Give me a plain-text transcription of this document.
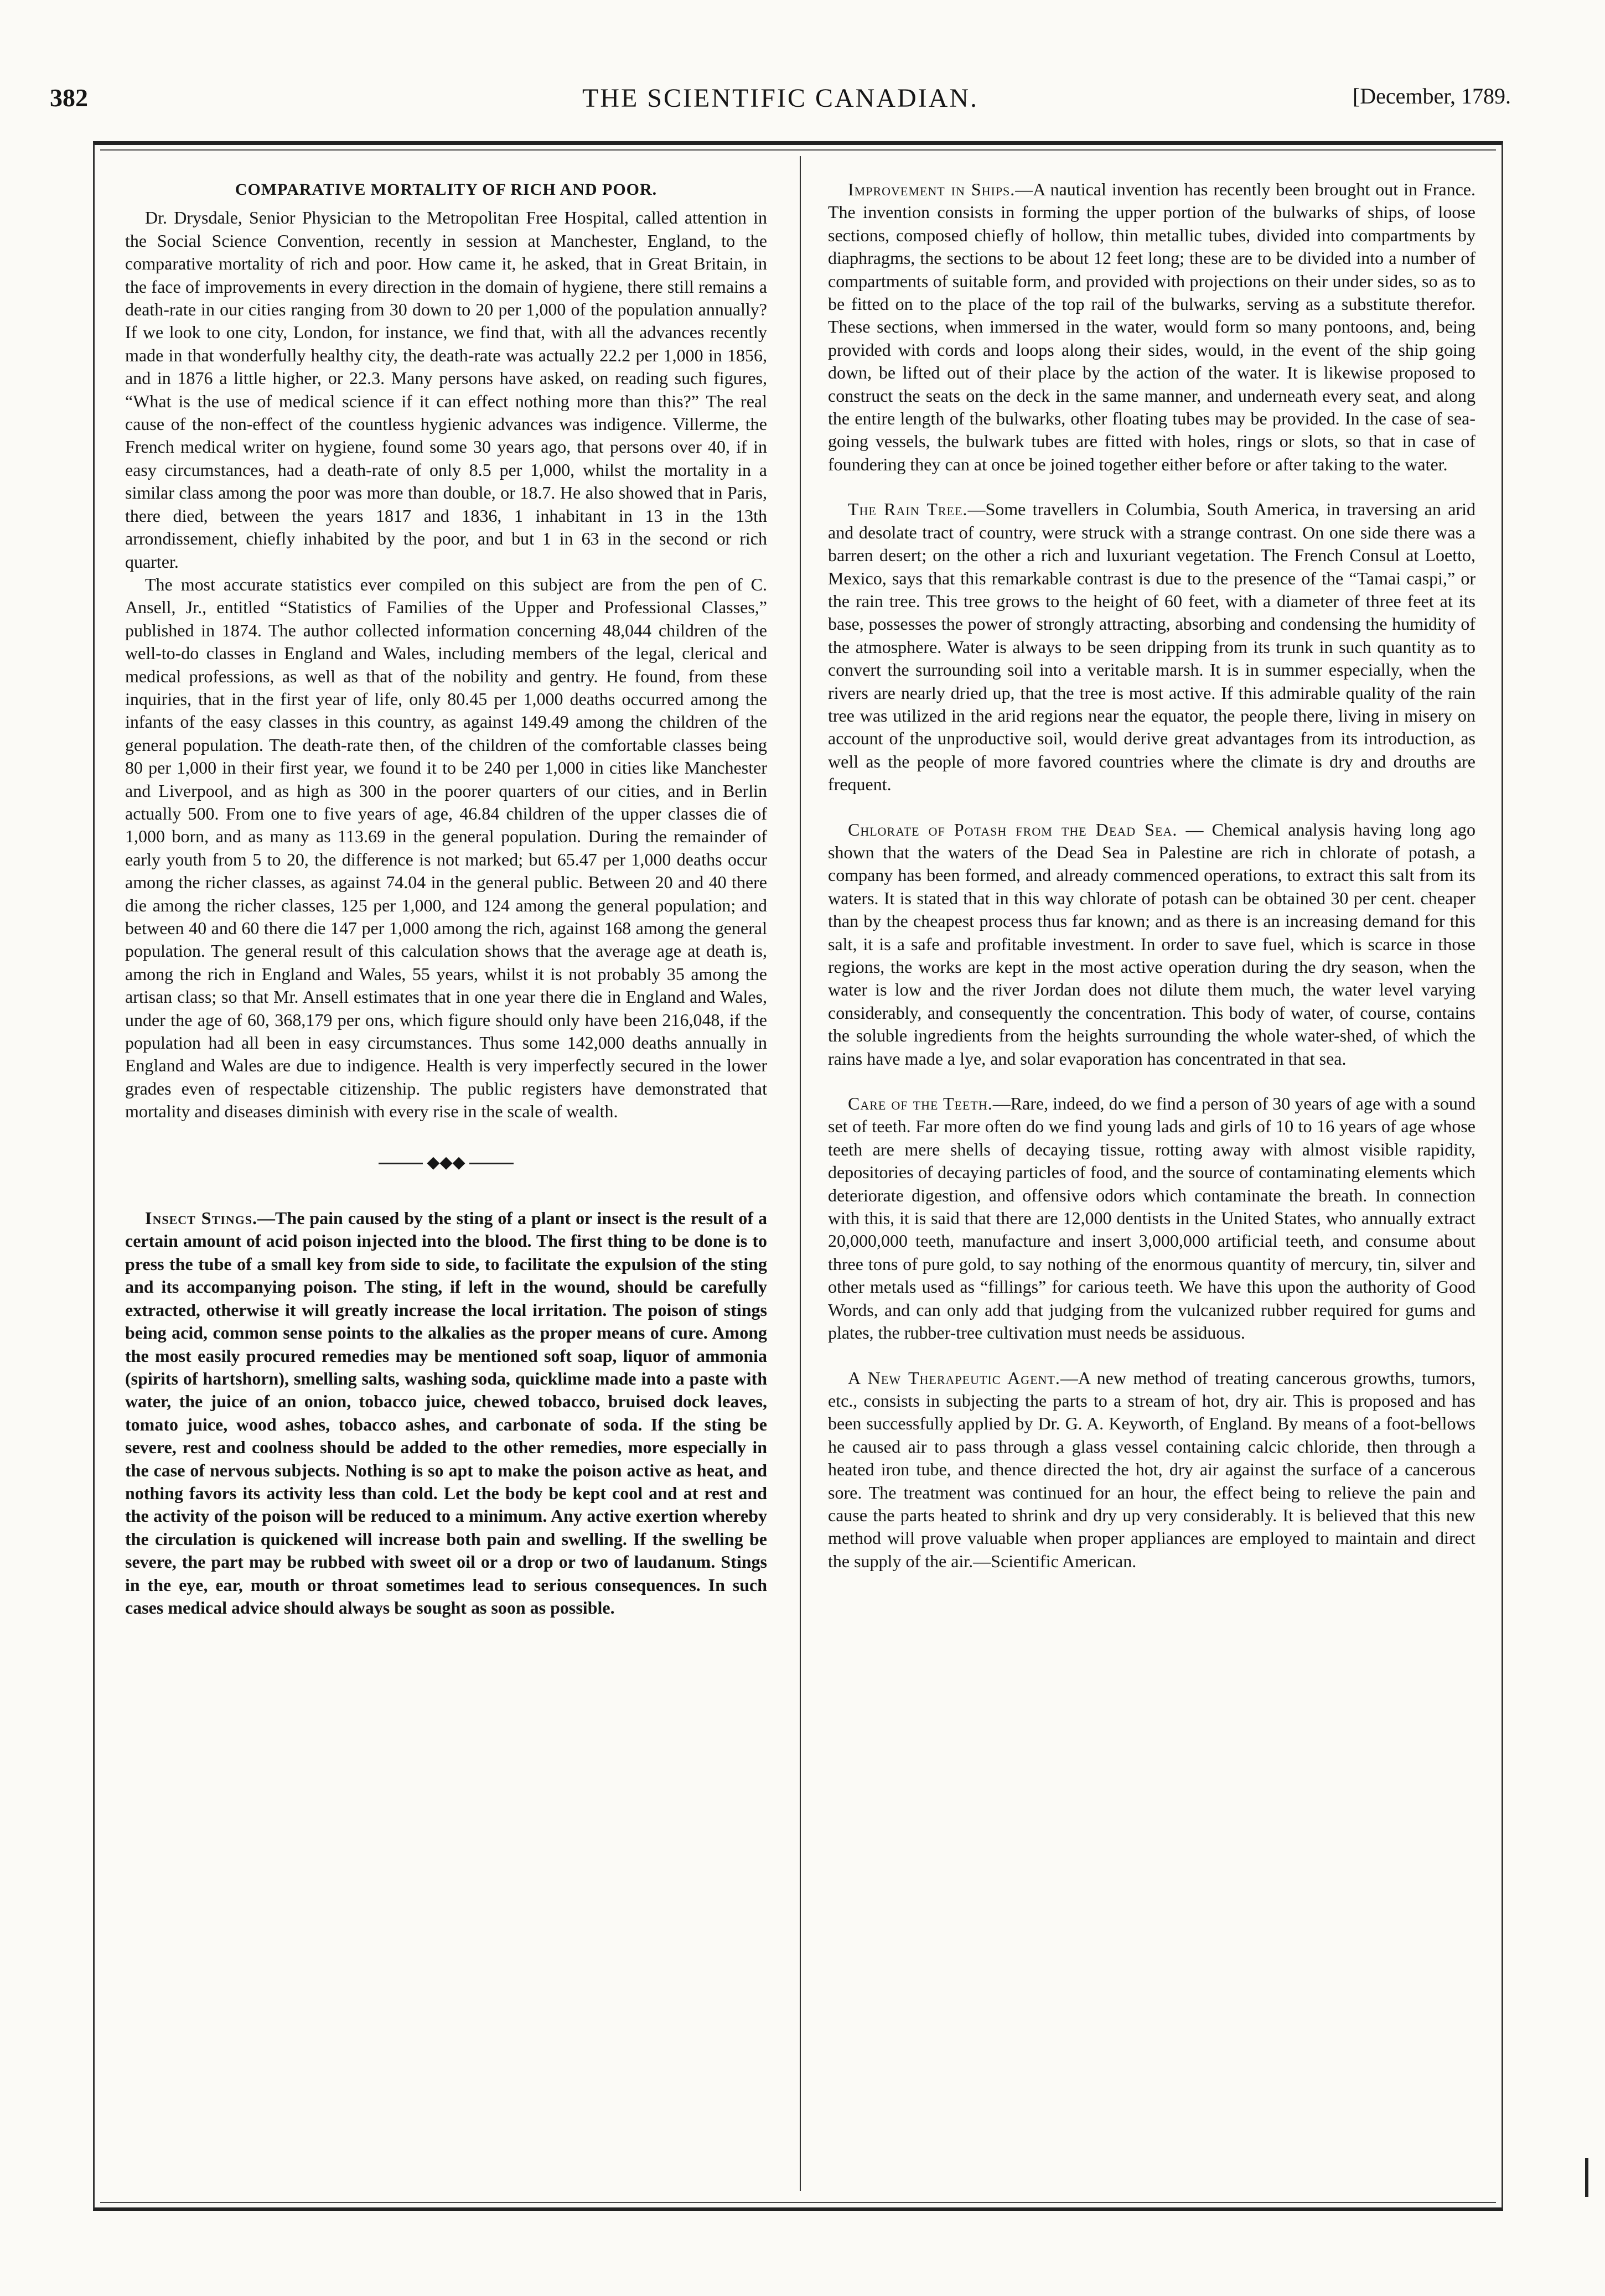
382	THE SCIENTIFIC CANADIAN.	[December, 1789.
COMPARATIVE MORTALITY OF RICH AND POOR.

Dr. Drysdale, Senior Physician to the Metropolitan Free Hospital, called attention in the Social Science Convention, recently in session at Manchester, England, to the comparative mortality of rich and poor. How came it, he asked, that in Great Britain, in the face of improvements in every direction in the domain of hygiene, there still remains a death-rate in our cities ranging from 30 down to 20 per 1,000 of the population annually? If we look to one city, London, for instance, we find that, with all the advances recently made in that wonderfully healthy city, the death-rate was actually 22.2 per 1,000 in 1856, and in 1876 a little higher, or 22.3. Many persons have asked, on reading such figures, “What is the use of medical science if it can effect nothing more than this?” The real cause of the non-effect of the countless hygienic advances was indigence. Villerme, the French medical writer on hygiene, found some 30 years ago, that persons over 40, if in easy circumstances, had a death-rate of only 8.5 per 1,000, whilst the mortality in a similar class among the poor was more than double, or 18.7. He also showed that in Paris, there died, between the years 1817 and 1836, 1 inhabitant in 13 in the 13th arrondissement, chiefly inhabited by the poor, and but 1 in 63 in the second or rich quarter.

The most accurate statistics ever compiled on this subject are from the pen of C. Ansell, Jr., entitled “Statistics of Families of the Upper and Professional Classes,” published in 1874. The author collected information concerning 48,044 children of the well-to-do classes in England and Wales, including members of the legal, clerical and medical professions, as well as that of the nobility and gentry. He found, from these inquiries, that in the first year of life, only 80.45 per 1,000 deaths occurred among the infants of the easy classes in this country, as against 149.49 among the children of the general population. The death-rate then, of the children of the comfortable classes being 80 per 1,000 in their first year, we found it to be 240 per 1,000 in cities like Manchester and Liverpool, and as high as 300 in the poorer quarters of our cities, and in Berlin actually 500. From one to five years of age, 46.84 children of the upper classes die of 1,000 born, and as many as 113.69 in the general population. During the remainder of early youth from 5 to 20, the difference is not marked; but 65.47 per 1,000 deaths occur among the richer classes, as against 74.04 in the general public. Between 20 and 40 there die among the richer classes, 125 per 1,000, and 124 among the general population; and between 40 and 60 there die 147 per 1,000 among the rich, against 168 among the general population. The general result of this calculation shows that the average age at death is, among the rich in England and Wales, 55 years, whilst it is not probably 35 among the artisan class; so that Mr. Ansell estimates that in one year there die in England and Wales, under the age of 60, 368,179 per ons, which figure should only have been 216,048, if the population had all been in easy circumstances. Thus some 142,000 deaths annually in England and Wales are due to indigence. Health is very imperfectly secured in the lower grades even of respectable citizenship. The public registers have demonstrated that mortality and diseases diminish with every rise in the scale of wealth.

◆◆◆

Insect Stings.—The pain caused by the sting of a plant or insect is the result of a certain amount of acid poison injected into the blood. The first thing to be done is to press the tube of a small key from side to side, to facilitate the expulsion of the sting and its accompanying poison. The sting, if left in the wound, should be carefully extracted, otherwise it will greatly increase the local irritation. The poison of stings being acid, common sense points to the alkalies as the proper means of cure. Among the most easily procured remedies may be mentioned soft soap, liquor of ammonia (spirits of hartshorn), smelling salts, washing soda, quicklime made into a paste with water, the juice of an onion, tobacco juice, chewed tobacco, bruised dock leaves, tomato juice, wood ashes, tobacco ashes, and carbonate of soda. If the sting be severe, rest and coolness should be added to the other remedies, more especially in the case of nervous subjects. Nothing is so apt to make the poison active as heat, and nothing favors its activity less than cold. Let the body be kept cool and at rest and the activity of the poison will be reduced to a minimum. Any active exertion whereby the circulation is quickened will increase both pain and swelling. If the swelling be severe, the part may be rubbed with sweet oil or a drop or two of laudanum. Stings in the eye, ear, mouth or throat sometimes lead to serious consequences. In such cases medical advice should always be sought as soon as possible.

Improvement in Ships.—A nautical invention has recently been brought out in France. The invention consists in forming the upper portion of the bulwarks of ships, of loose sections, composed chiefly of hollow, thin metallic tubes, divided into compartments by diaphragms, the sections to be about 12 feet long; these are to be divided into a number of compartments of suitable form, and provided with projections on their under sides, so as to be fitted on to the place of the top rail of the bulwarks, serving as a substitute therefor. These sections, when immersed in the water, would form so many pontoons, and, being provided with cords and loops along their sides, would, in the event of the ship going down, be lifted out of their place by the action of the water. It is likewise proposed to construct the seats on the deck in the same manner, and underneath every seat, and along the entire length of the bulwarks, other floating tubes may be provided. In the case of sea-going vessels, the bulwark tubes are fitted with holes, rings or slots, so that in case of foundering they can at once be joined together either before or after taking to the water.

The Rain Tree.—Some travellers in Columbia, South America, in traversing an arid and desolate tract of country, were struck with a strange contrast. On one side there was a barren desert; on the other a rich and luxuriant vegetation. The French Consul at Loetto, Mexico, says that this remarkable contrast is due to the presence of the “Tamai caspi,” or the rain tree. This tree grows to the height of 60 feet, with a diameter of three feet at its base, possesses the power of strongly attracting, absorbing and condensing the humidity of the atmosphere. Water is always to be seen dripping from its trunk in such quantity as to convert the surrounding soil into a veritable marsh. It is in summer especially, when the rivers are nearly dried up, that the tree is most active. If this admirable quality of the rain tree was utilized in the arid regions near the equator, the people there, living in misery on account of the unproductive soil, would derive great advantages from its introduction, as well as the people of more favored countries where the climate is dry and drouths are frequent.

Chlorate of Potash from the Dead Sea. — Chemical analysis having long ago shown that the waters of the Dead Sea in Palestine are rich in chlorate of potash, a company has been formed, and already commenced operations, to extract this salt from its waters. It is stated that in this way chlorate of potash can be obtained 30 per cent. cheaper than by the cheapest process thus far known; and as there is an increasing demand for this salt, it is a safe and profitable investment. In order to save fuel, which is scarce in those regions, the works are kept in the most active operation during the dry season, when the water is low and the river Jordan does not dilute them much, the water level varying considerably, and consequently the concentration. This body of water, of course, contains the soluble ingredients from the heights surrounding the whole water-shed, of which the rains have made a lye, and solar evaporation has concentrated in that sea.

Care of the Teeth.—Rare, indeed, do we find a person of 30 years of age with a sound set of teeth. Far more often do we find young lads and girls of 10 to 16 years of age whose teeth are mere shells of decaying tissue, rotting away with almost visible rapidity, depositories of decaying particles of food, and the source of contaminating elements which deteriorate digestion, and offensive odors which contaminate the breath. In connection with this, it is said that there are 12,000 dentists in the United States, who annually extract 20,000,000 teeth, manufacture and insert 3,000,000 artificial teeth, and consume about three tons of pure gold, to say nothing of the enormous quantity of mercury, tin, silver and other metals used as “fillings” for carious teeth. We have this upon the authority of Good Words, and can only add that judging from the vulcanized rubber required for gums and plates, the rubber-tree cultivation must needs be assiduous.

A New Therapeutic Agent.—A new method of treating cancerous growths, tumors, etc., consists in subjecting the parts to a stream of hot, dry air. This is proposed and has been successfully applied by Dr. G. A. Keyworth, of England. By means of a foot-bellows he caused air to pass through a glass vessel containing calcic chloride, then through a heated iron tube, and thence directed the hot, dry air against the surface of a cancerous sore. The treatment was continued for an hour, the effect being to relieve the pain and cause the parts heated to shrink and dry up very considerably. It is believed that this new method will prove valuable when proper appliances are employed to maintain and direct the supply of the air.—Scientific American.
